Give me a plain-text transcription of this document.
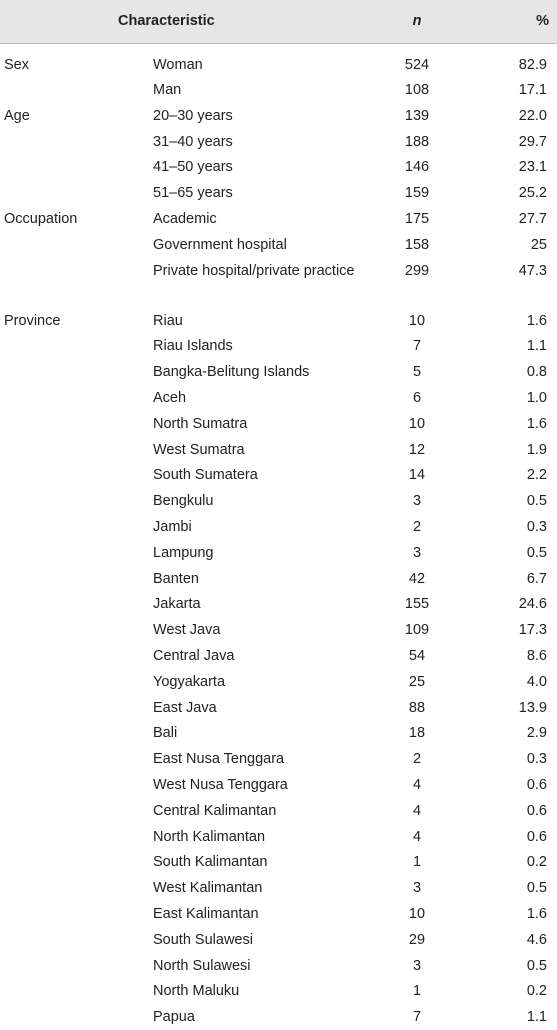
Characteristic		n	%
Sex	Woman	524	82.9
	Man	108	17.1
Age	20–30 years	139	22.0
	31–40 years	188	29.7
	41–50 years	146	23.1
	51–65 years	159	25.2
Occupation	Academic	175	27.7
	Government hospital	158	25
	Private hospital/private practice	299	47.3
Province	Riau	10	1.6
	Riau Islands	7	1.1
	Bangka-Belitung Islands	5	0.8
	Aceh	6	1.0
	North Sumatra	10	1.6
	West Sumatra	12	1.9
	South Sumatera	14	2.2
	Bengkulu	3	0.5
	Jambi	2	0.3
	Lampung	3	0.5
	Banten	42	6.7
	Jakarta	155	24.6
	West Java	109	17.3
	Central Java	54	8.6
	Yogyakarta	25	4.0
	East Java	88	13.9
	Bali	18	2.9
	East Nusa Tenggara	2	0.3
	West Nusa Tenggara	4	0.6
	Central Kalimantan	4	0.6
	North Kalimantan	4	0.6
	South Kalimantan	1	0.2
	West Kalimantan	3	0.5
	East Kalimantan	10	1.6
	South Sulawesi	29	4.6
	North Sulawesi	3	0.5
	North Maluku	1	0.2
	Papua	7	1.1
